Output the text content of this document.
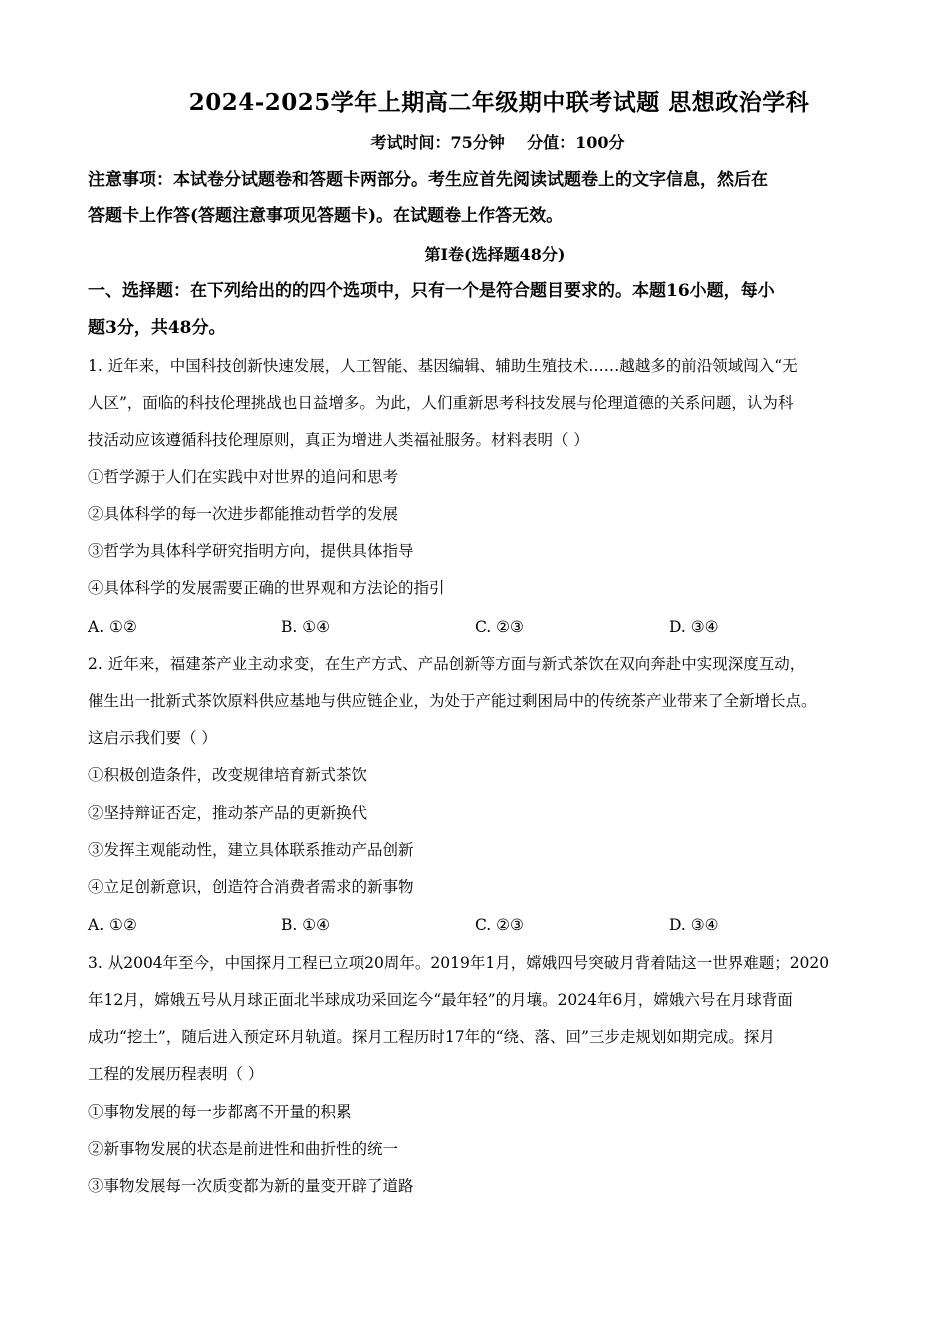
2024-2025学年上期高二年级期中联考试题 思想政治学科
考试时间：75分钟    分值：100分
注意事项：本试卷分试题卷和答题卡两部分。考生应首先阅读试题卷上的文字信息，然后在
答题卡上作答(答题注意事项见答题卡)。在试题卷上作答无效。
第Ⅰ卷(选择题48分)
一、选择题：在下列给出的的四个选项中，只有一个是符合题目要求的。本题16小题，每小
题3分，共48分。
1. 近年来，中国科技创新快速发展，人工智能、基因编辑、辅助生殖技术……越越多的前沿领域闯入“无
人区”，面临的科技伦理挑战也日益增多。为此，人们重新思考科技发展与伦理道德的关系问题，认为科
技活动应该遵循科技伦理原则，真正为增进人类福祉服务。材料表明（ ）
①哲学源于人们在实践中对世界的追问和思考
②具体科学的每一次进步都能推动哲学的发展
③哲学为具体科学研究指明方向，提供具体指导
④具体科学的发展需要正确的世界观和方法论的指引
A. ①②	B. ①④	C. ②③	D. ③④
2. 近年来，福建茶产业主动求变，在生产方式、产品创新等方面与新式茶饮在双向奔赴中实现深度互动，
催生出一批新式茶饮原料供应基地与供应链企业，为处于产能过剩困局中的传统茶产业带来了全新增长点。
这启示我们要（ ）
①积极创造条件，改变规律培育新式茶饮
②坚持辩证否定，推动茶产品的更新换代
③发挥主观能动性，建立具体联系推动产品创新
④立足创新意识，创造符合消费者需求的新事物
A. ①②	B. ①④	C. ②③	D. ③④
3. 从2004年至今，中国探月工程已立项20周年。2019年1月，嫦娥四号突破月背着陆这一世界难题；2020
年12月，嫦娥五号从月球正面北半球成功采回迄今“最年轻”的月壤。2024年6月，嫦娥六号在月球背面
成功“挖土”，随后进入预定环月轨道。探月工程历时17年的“绕、落、回”三步走规划如期完成。探月
工程的发展历程表明（ ）
①事物发展的每一步都离不开量的积累
②新事物发展的状态是前进性和曲折性的统一
③事物发展每一次质变都为新的量变开辟了道路
